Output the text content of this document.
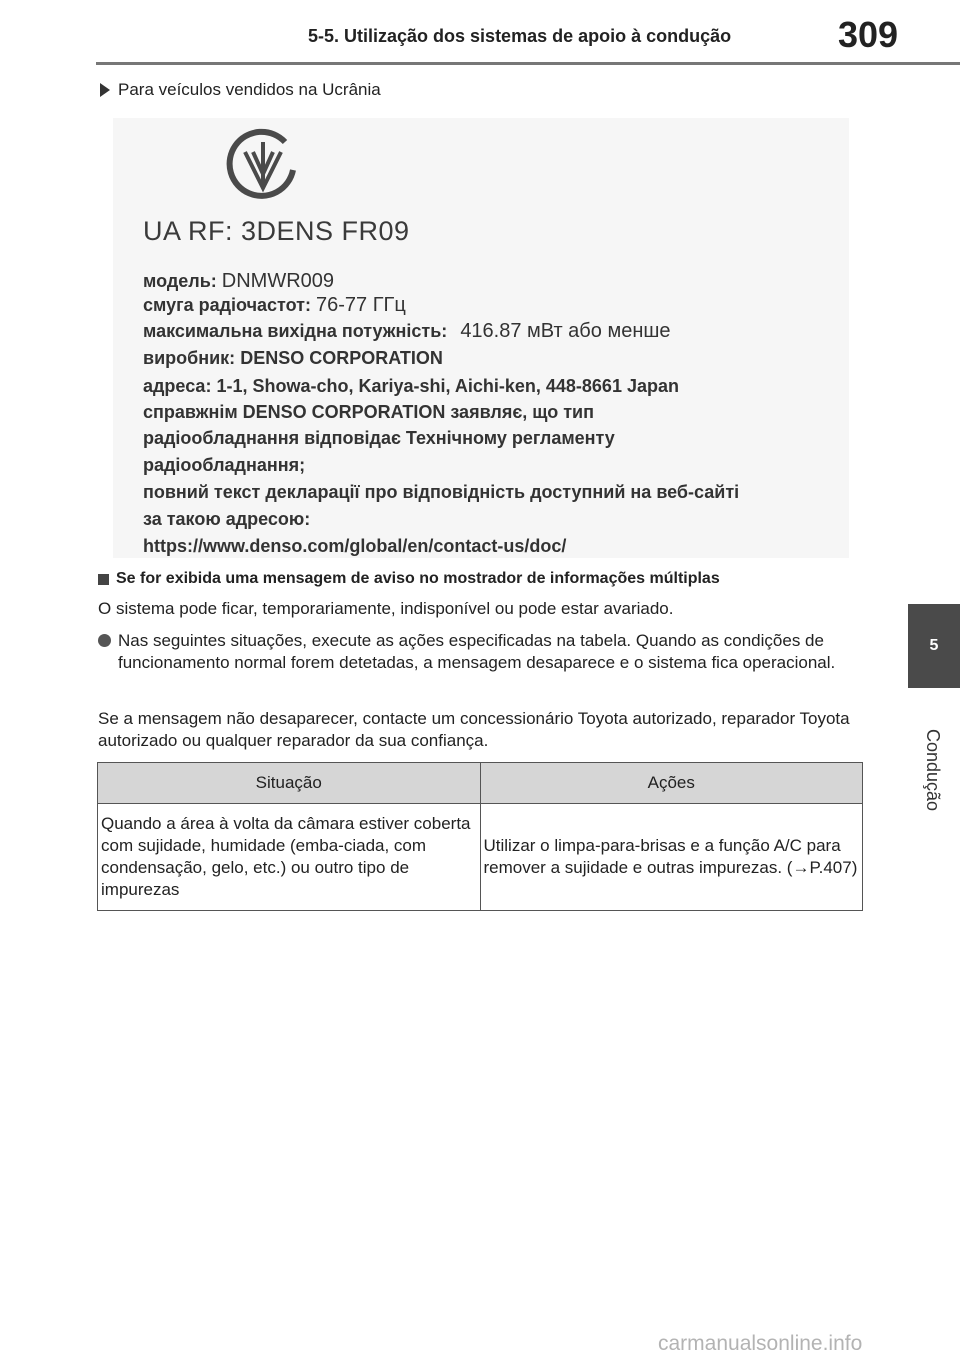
5-5. Utilização dos sistemas de apoio à condução	309
5
Condução
Para veículos vendidos na Ucrânia
UA RF: 3DENS FR09
модель: DNMWR009
смуга радіочастот: 76-77 ГГц
максимальна вихідна потужність: 416.87 мВт або менше
виробник: DENSO CORPORATION
адреса: 1-1, Showa-cho, Kariya-shi, Aichi-ken, 448-8661 Japan
справжнім DENSO CORPORATION заявляє, що тип
радіообладнання відповідає Технічному регламенту
радіообладнання;
повний текст декларації про відповідність доступний на веб-сайті
за такою адресою:
https://www.denso.com/global/en/contact-us/doc/
Se for exibida uma mensagem de aviso no mostrador de informações múltiplas
O sistema pode ficar, temporariamente, indisponível ou pode estar avariado.
Nas seguintes situações, execute as ações especificadas na tabela. Quando as condições de funcionamento normal forem detetadas, a mensagem desaparece e o sistema fica operacional.
Se a mensagem não desaparecer, contacte um concessionário Toyota autorizado, reparador Toyota autorizado ou qualquer reparador da sua confiança.
Situação	Ações
Quando a área à volta da câmara estiver coberta com sujidade, humidade (emba-ciada, com condensação, gelo, etc.) ou outro tipo de impurezas	Utilizar o limpa-para-brisas e a função A/C para remover a sujidade e outras impurezas. (→P.407)
carmanualsonline.info
